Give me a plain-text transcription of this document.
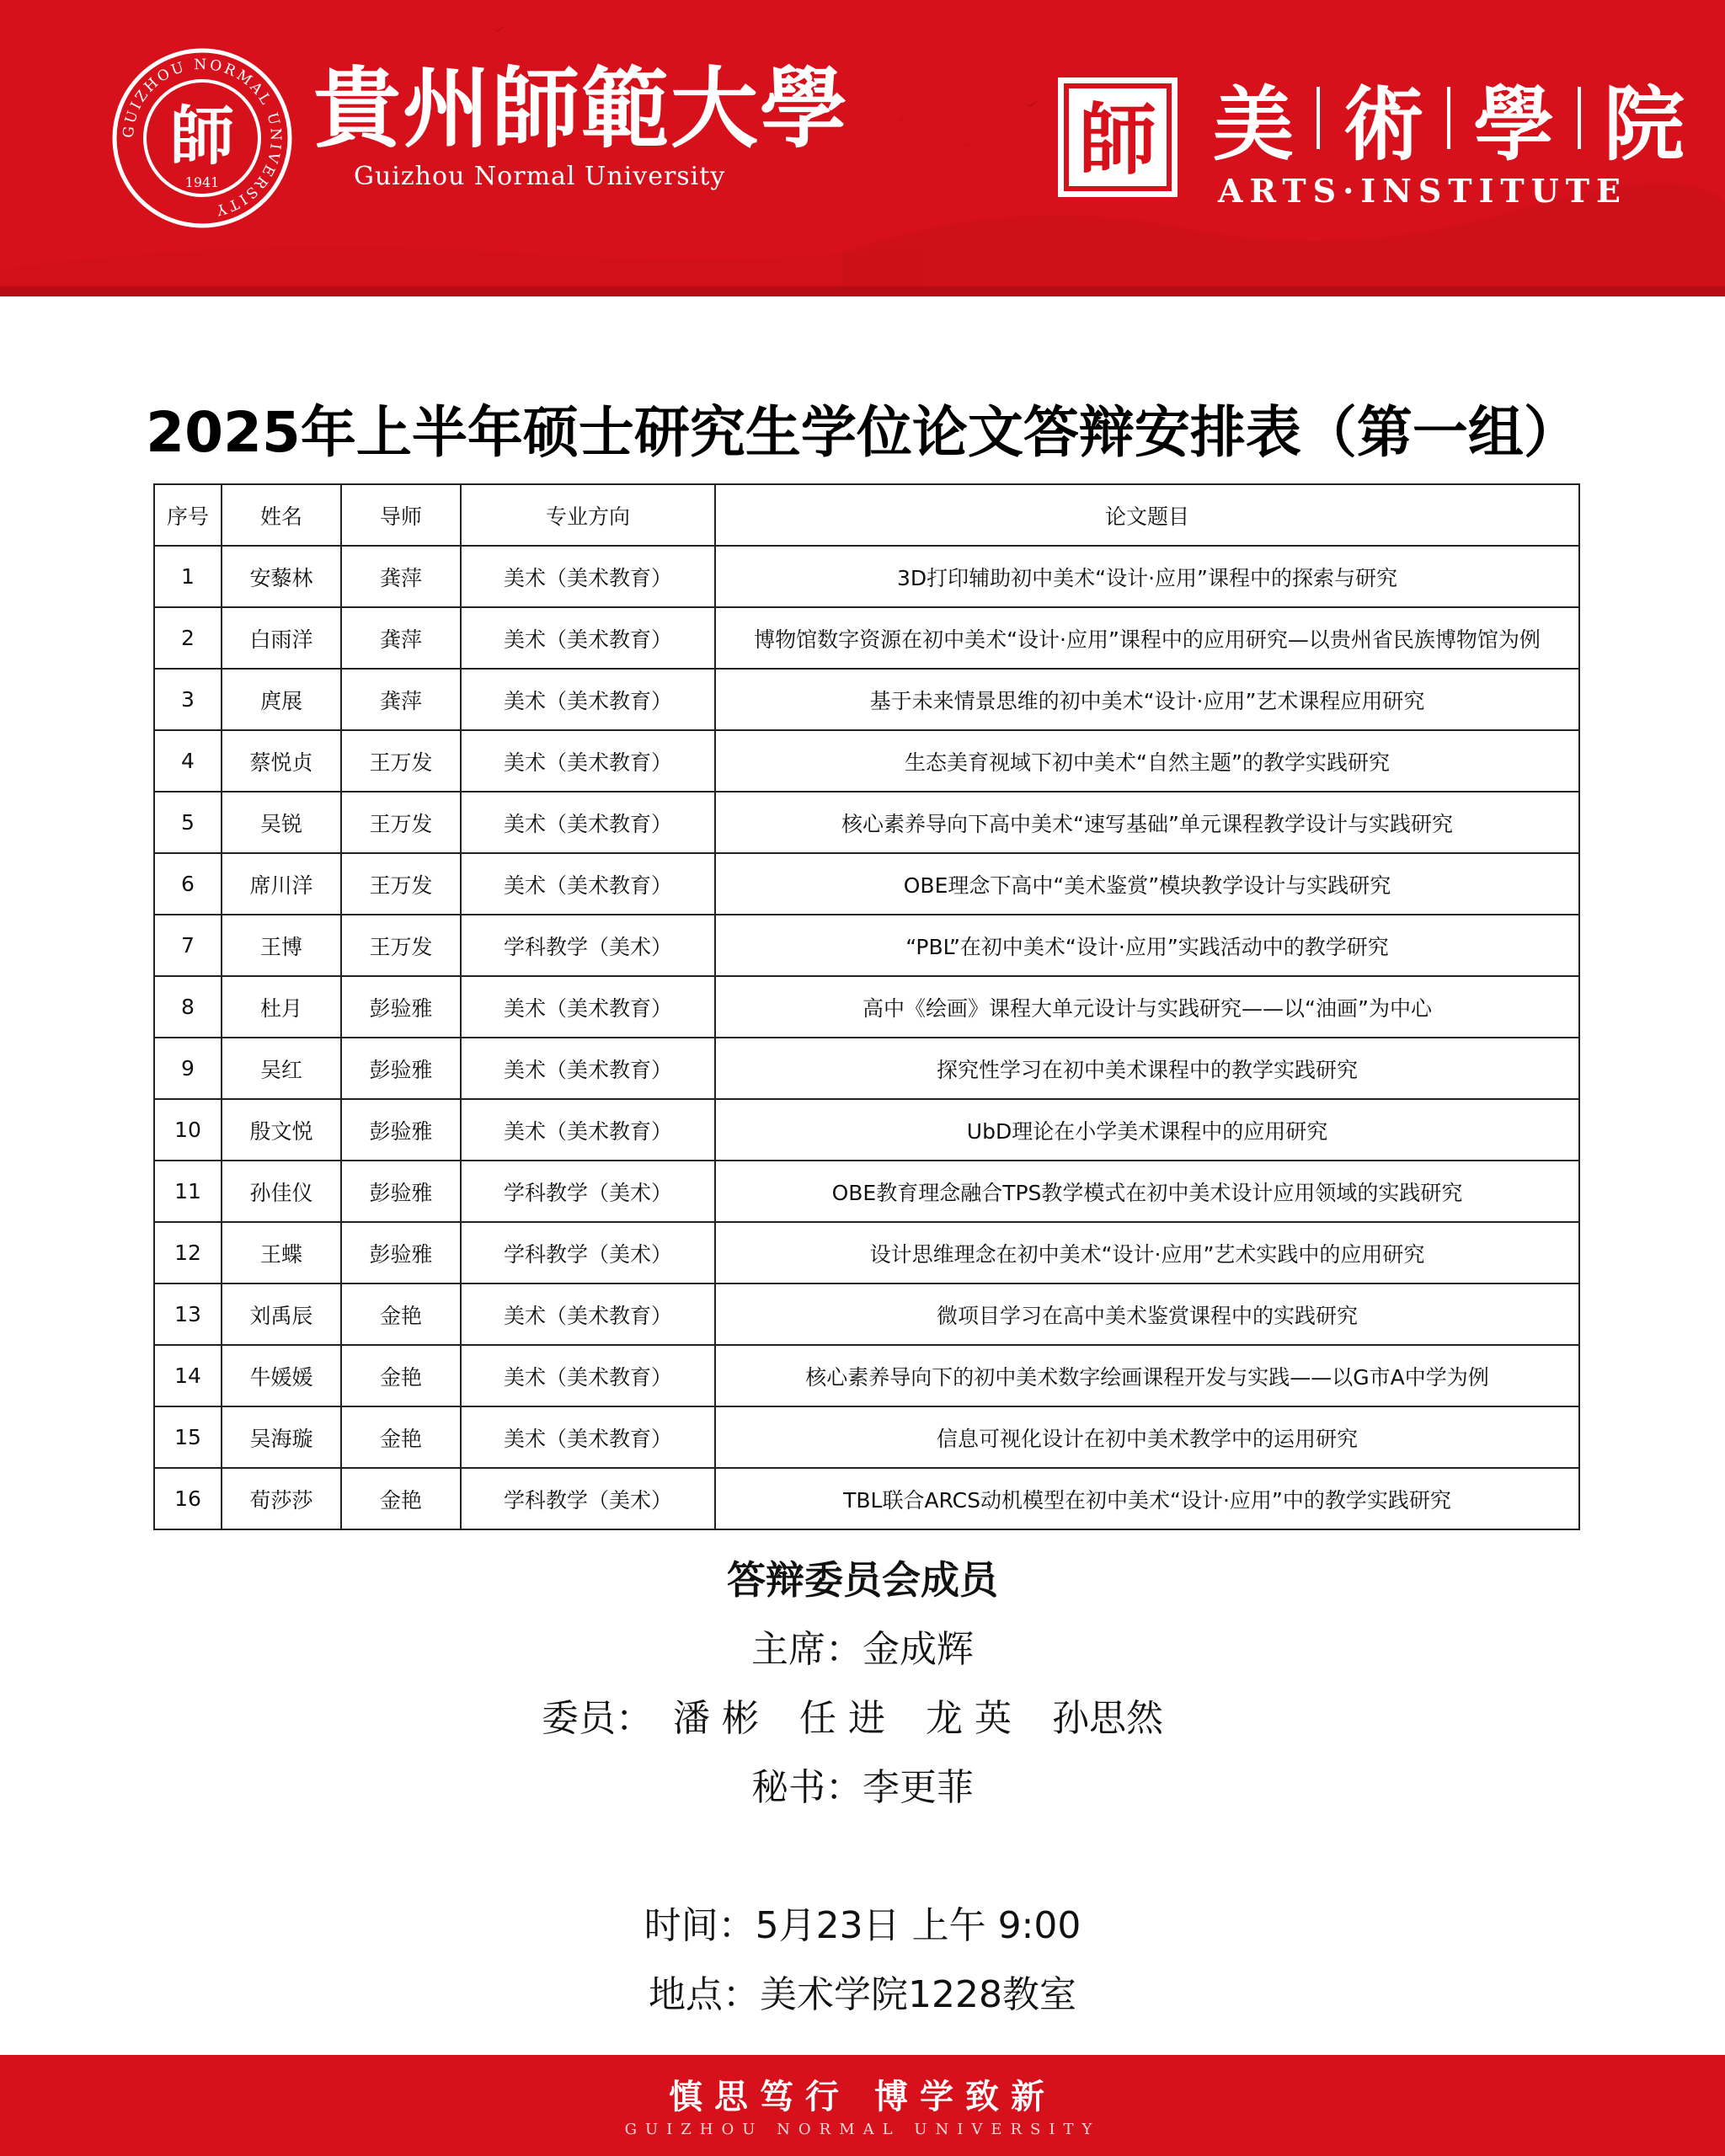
GUIZHOU NORMAL UNIVERSITY
師
1941
貴州師範大學
Guizhou Normal University	師 美 術 學 院
ARTS·INSTITUTE
2025年上半年硕士研究生学位论文答辩安排表（第一组）
序号	姓名	导师	专业方向	论文题目
1	安藜林	龚萍	美术（美术教育）	3D打印辅助初中美术“设计·应用”课程中的探索与研究
2	白雨洋	龚萍	美术（美术教育）	博物馆数字资源在初中美术“设计·应用”课程中的应用研究—以贵州省民族博物馆为例
3	庹展	龚萍	美术（美术教育）	基于未来情景思维的初中美术“设计·应用”艺术课程应用研究
4	蔡悦贞	王万发	美术（美术教育）	生态美育视域下初中美术“自然主题”的教学实践研究
5	吴锐	王万发	美术（美术教育）	核心素养导向下高中美术“速写基础”单元课程教学设计与实践研究
6	席川洋	王万发	美术（美术教育）	OBE理念下高中“美术鉴赏”模块教学设计与实践研究
7	王博	王万发	学科教学（美术）	“PBL”在初中美术“设计·应用”实践活动中的教学研究
8	杜月	彭验雅	美术（美术教育）	高中《绘画》课程大单元设计与实践研究——以“油画”为中心
9	吴红	彭验雅	美术（美术教育）	探究性学习在初中美术课程中的教学实践研究
10	殷文悦	彭验雅	美术（美术教育）	UbD理论在小学美术课程中的应用研究
11	孙佳仪	彭验雅	学科教学（美术）	OBE教育理念融合TPS教学模式在初中美术设计应用领域的实践研究
12	王蝶	彭验雅	学科教学（美术）	设计思维理念在初中美术“设计·应用”艺术实践中的应用研究
13	刘禹辰	金艳	美术（美术教育）	微项目学习在高中美术鉴赏课程中的实践研究
14	牛媛媛	金艳	美术（美术教育）	核心素养导向下的初中美术数字绘画课程开发与实践——以G市A中学为例
15	吴海璇	金艳	美术（美术教育）	信息可视化设计在初中美术教学中的运用研究
16	荀莎莎	金艳	学科教学（美术）	TBL联合ARCS动机模型在初中美术“设计·应用”中的教学实践研究
答辩委员会成员
主席：金成辉
委员： 潘 彬 任 进 龙 英 孙思然
秘书：李更菲
时间：5月23日 上午 9:00
地点：美术学院1228教室
慎思笃行 博学致新
GUIZHOU NORMAL UNIVERSITY
